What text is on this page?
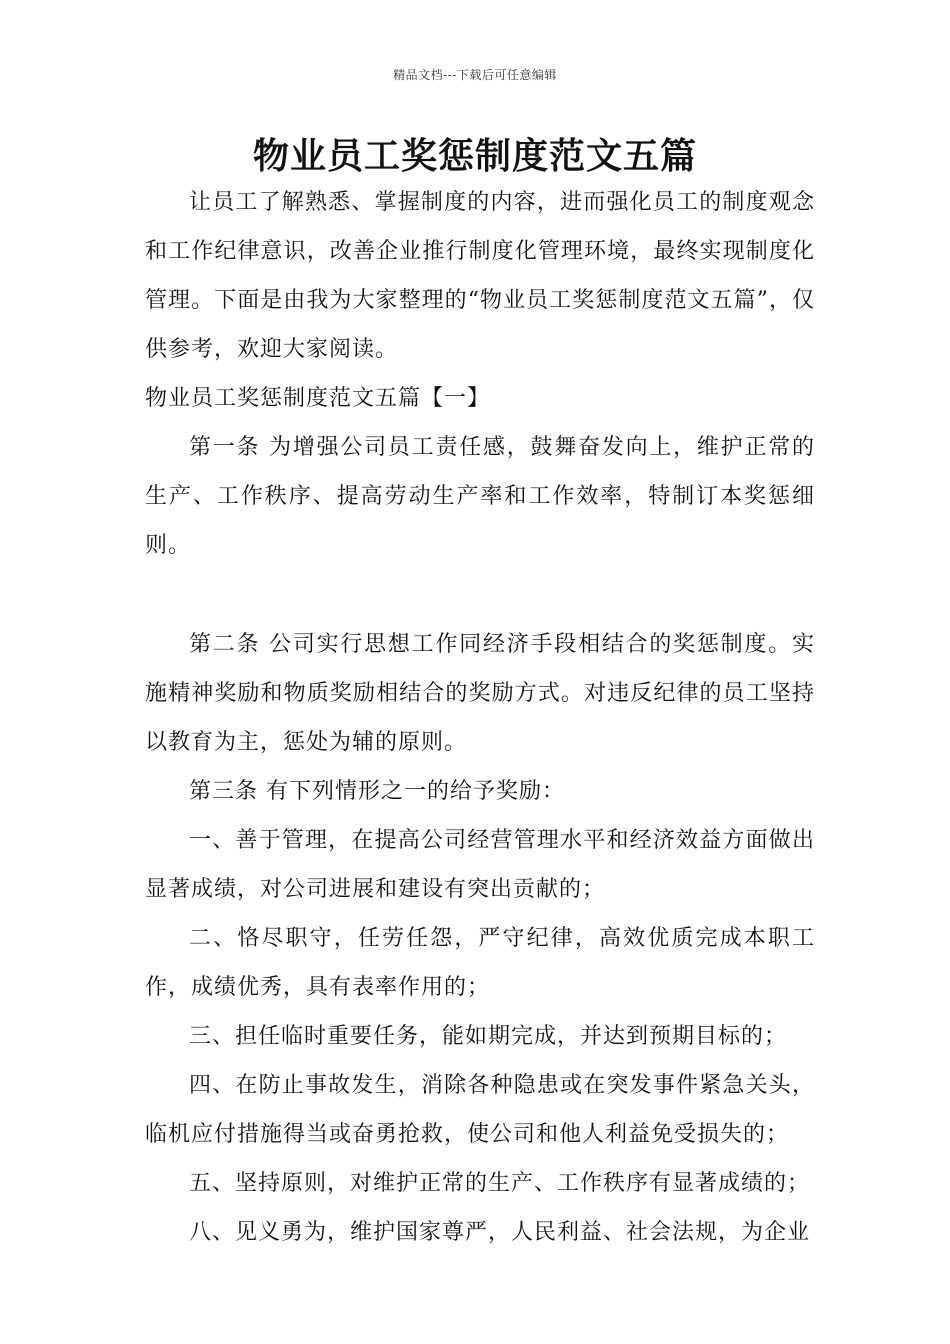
精品文档---下载后可任意编辑
物业员工奖惩制度范文五篇

让员工了解熟悉、掌握制度的内容，进而强化员工的制度观念和工作纪律意识，改善企业推行制度化管理环境，最终实现制度化管理。下面是由我为大家整理的“物业员工奖惩制度范文五篇”，仅供参考，欢迎大家阅读。

物业员工奖惩制度范文五篇【一】

第一条 为增强公司员工责任感，鼓舞奋发向上，维护正常的生产、工作秩序、提高劳动生产率和工作效率，特制订本奖惩细则。

第二条 公司实行思想工作同经济手段相结合的奖惩制度。实施精神奖励和物质奖励相结合的奖励方式。对违反纪律的员工坚持以教育为主，惩处为辅的原则。

第三条 有下列情形之一的给予奖励：

一、善于管理，在提高公司经营管理水平和经济效益方面做出显著成绩，对公司进展和建设有突出贡献的；

二、恪尽职守，任劳任怨，严守纪律，高效优质完成本职工作，成绩优秀，具有表率作用的；

三、担任临时重要任务，能如期完成，并达到预期目标的；

四、在防止事故发生，消除各种隐患或在突发事件紧急关头，临机应付措施得当或奋勇抢救，使公司和他人利益免受损失的；

五、坚持原则，对维护正常的生产、工作秩序有显著成绩的；

八、见义勇为，维护国家尊严，人民利益、社会法规，为企业
